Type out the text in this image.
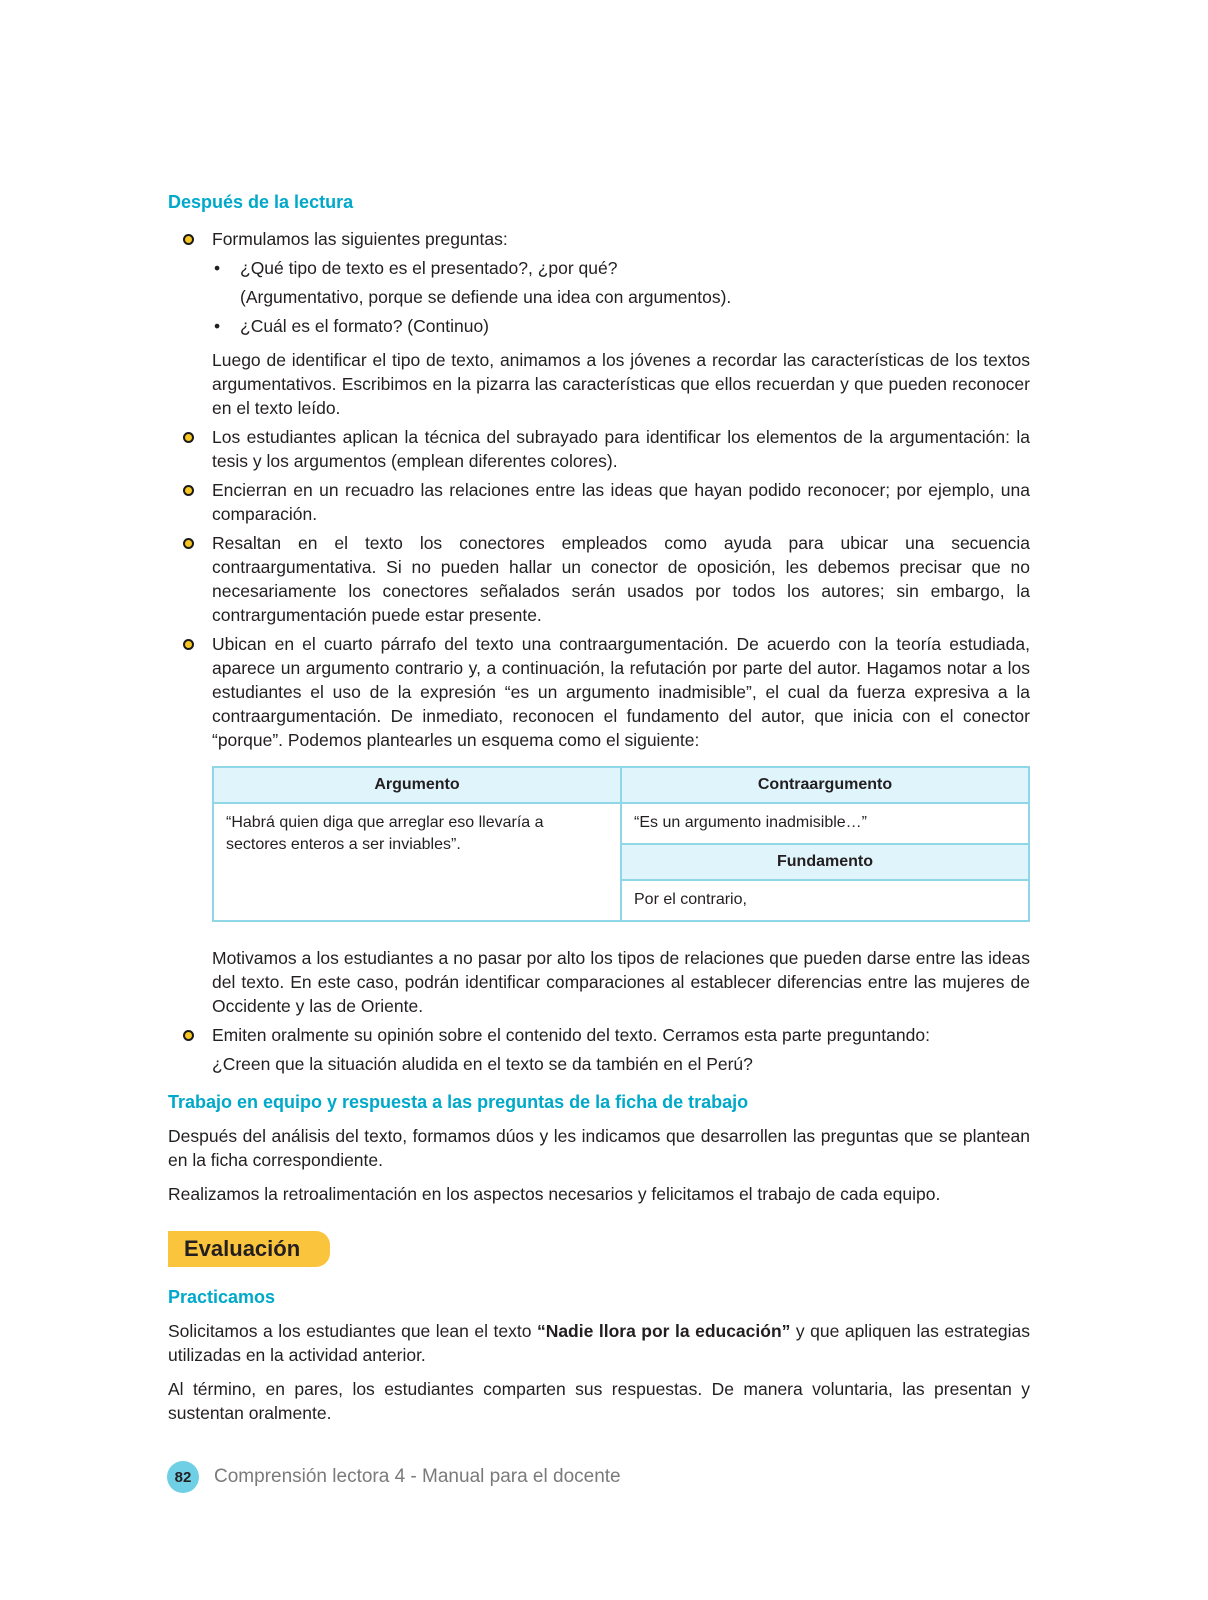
Después de la lectura
Formulamos las siguientes preguntas:
• ¿Qué tipo de texto es el presentado?, ¿por qué?
(Argumentativo, porque se defiende una idea con argumentos).
• ¿Cuál es el formato? (Continuo)

Luego de identificar el tipo de texto, animamos a los jóvenes a recordar las características de los textos argumentativos. Escribimos en la pizarra las características que ellos recuerdan y que pueden reconocer en el texto leído.

Los estudiantes aplican la técnica del subrayado para identificar los elementos de la argumentación: la tesis y los argumentos (emplean diferentes colores).
Encierran en un recuadro las relaciones entre las ideas que hayan podido reconocer; por ejemplo, una comparación.
Resaltan en el texto los conectores empleados como ayuda para ubicar una secuencia contraargumentativa. Si no pueden hallar un conector de oposición, les debemos precisar que no necesariamente los conectores señalados serán usados por todos los autores; sin embargo, la contrargumentación puede estar presente.
Ubican en el cuarto párrafo del texto una contraargumentación. De acuerdo con la teoría estudiada, aparece un argumento contrario y, a continuación, la refutación por parte del autor. Hagamos notar a los estudiantes el uso de la expresión “es un argumento inadmisible”, el cual da fuerza expresiva a la contraargumentación. De inmediato, reconocen el fundamento del autor, que inicia con el conector “porque”. Podemos plantearles un esquema como el siguiente:
Argumento	Contraargumento
“Habrá quien diga que arreglar eso llevaría a sectores enteros a ser inviables”.	“Es un argumento inadmisible…”
	Fundamento
	Por el contrario,

Motivamos a los estudiantes a no pasar por alto los tipos de relaciones que pueden darse entre las ideas del texto. En este caso, podrán identificar comparaciones al establecer diferencias entre las mujeres de Occidente y las de Oriente.

Emiten oralmente su opinión sobre el contenido del texto. Cerramos esta parte preguntando:

¿Creen que la situación aludida en el texto se da también en el Perú?

Trabajo en equipo y respuesta a las preguntas de la ficha de trabajo

Después del análisis del texto, formamos dúos y les indicamos que desarrollen las preguntas que se plantean en la ficha correspondiente.

Realizamos la retroalimentación en los aspectos necesarios y felicitamos el trabajo de cada equipo.

Evaluación
Practicamos

Solicitamos a los estudiantes que lean el texto “Nadie llora por la educación” y que apliquen las estrategias utilizadas en la actividad anterior.

Al término, en pares, los estudiantes comparten sus respuestas. De manera voluntaria, las presentan y sustentan oralmente.

82	Comprensión lectora 4 - Manual para el docente
